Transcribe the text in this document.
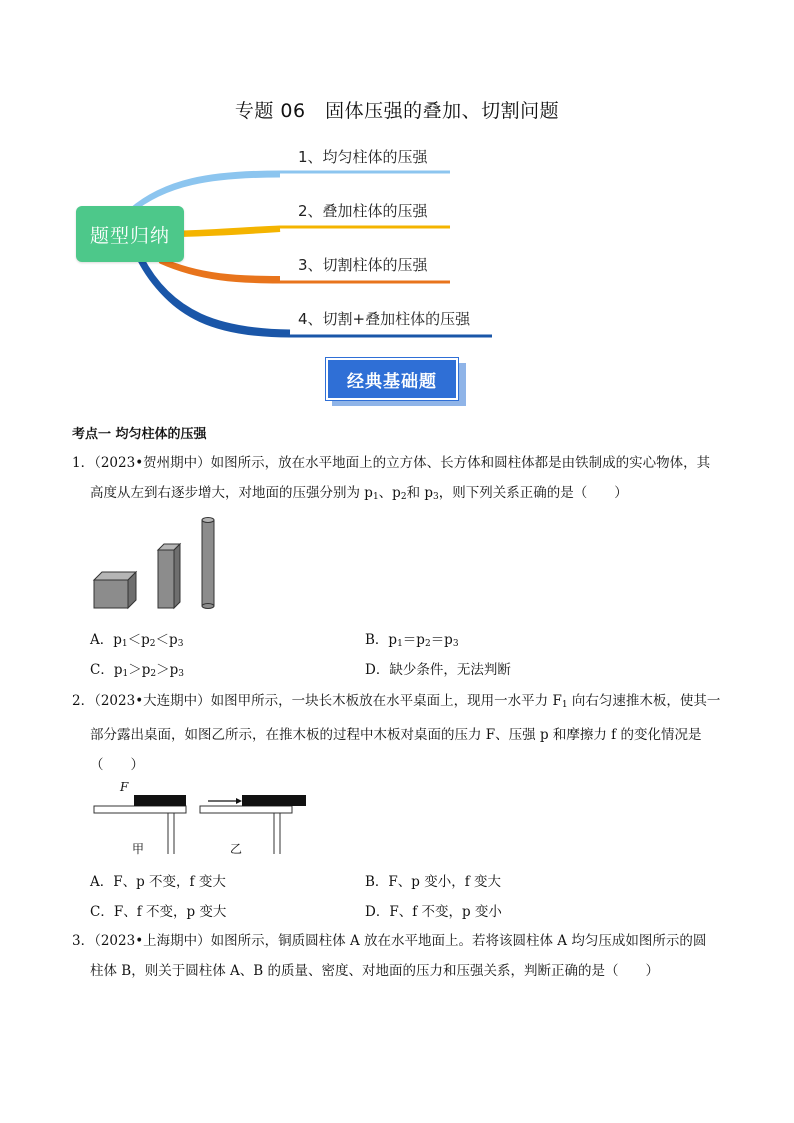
专题 06　固体压强的叠加、切割问题
题型归纳
1、均匀柱体的压强
2、叠加柱体的压强
3、切割柱体的压强
4、切割+叠加柱体的压强
经典基础题
考点一 均匀柱体的压强
1．（2023•贺州期中）如图所示，放在水平地面上的立方体、长方体和圆柱体都是由铁制成的实心物体，其
高度从左到右逐步增大，对地面的压强分别为 $p_1$、$p_2$和 $p_3$，则下列关系正确的是（　　）
A．$p_1<p_2<p_3$	B．$p_1=p_2=p_3$
C．$p_1>p_2>p_3$	D．缺少条件，无法判断
2．（2023•大连期中）如图甲所示，一块长木板放在水平桌面上，现用一水平力 $F_1$ 向右匀速推木板，使其一
部分露出桌面，如图乙所示，在推木板的过程中木板对桌面的压力 F、压强 p 和摩擦力 f 的变化情况是
（　　）
F
甲	乙
A．F、p 不变，f 变大	B．F、p 变小，f 变大
C．F、f 不变，p 变大	D．F、f 不变，p 变小
3．（2023•上海期中）如图所示，铜质圆柱体 A 放在水平地面上。若将该圆柱体 A 均匀压成如图所示的圆
柱体 B，则关于圆柱体 A、B 的质量、密度、对地面的压力和压强关系，判断正确的是（　　）
